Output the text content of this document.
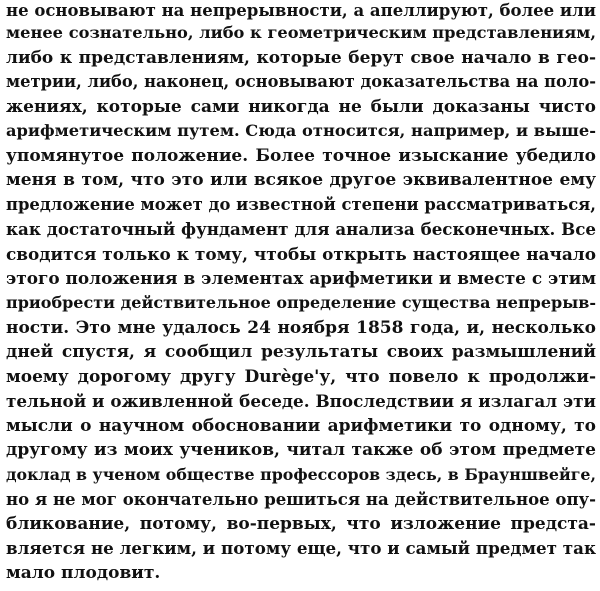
не основывают на непрерывности, а апеллируют, более или
менее сознательно, либо к геометрическим представлениям,
либо к представлениям, которые берут свое начало в гео-
метрии, либо, наконец, основывают доказательства на поло-
жениях, которые сами никогда не были доказаны чисто
арифметическим путем. Сюда относится, например, и выше-
упомянутое положение. Более точное изыскание убедило
меня в том, что это или всякое другое эквивалентное ему
предложение может до известной степени рассматриваться,
как достаточный фундамент для анализа бесконечных. Все
сводится только к тому, чтобы открыть настоящее начало
этого положения в элементах арифметики и вместе с этим
приобрести действительное определение существа непрерыв-
ности. Это мне удалось 24 ноября 1858 года, и, несколько
дней спустя, я сообщил результаты своих размышлений
моему дорогому другу Durège'у, что повело к продолжи-
тельной и оживленной беседе. Впоследствии я излагал эти
мысли о научном обосновании арифметики то одному, то
другому из моих учеников, читал также об этом предмете
доклад в ученом обществе профессоров здесь, в Брауншвейге,
но я не мог окончательно решиться на действительное опу-
бликование, потому, во-первых, что изложение предста-
вляется не легким, и потому еще, что и самый предмет так
мало плодовит.
